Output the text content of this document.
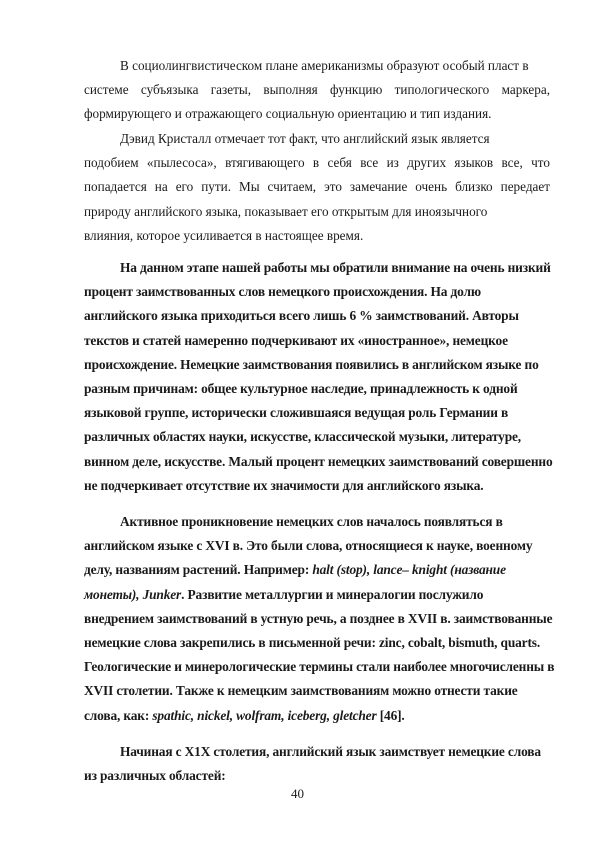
В социолингвистическом плане американизмы образуют особый пласт в
системе субъязыка газеты, выполняя функцию типологического маркера,
формирующего и отражающего социальную ориентацию и тип издания.
Дэвид Кристалл отмечает тот факт, что английский язык является
подобием «пылесоса», втягивающего в себя все из других языков все, что
попадается на его пути. Мы считаем, это замечание очень близко передает
природу английского языка, показывает его открытым для иноязычного
влияния, которое усиливается в настоящее время.
На данном этапе нашей работы мы обратили внимание на очень низкий
процент заимствованных слов немецкого происхождения. На долю
английского языка приходиться всего лишь 6 % заимствований. Авторы
текстов и статей намеренно подчеркивают их «иностранное», немецкое
происхождение. Немецкие заимствования появились в английском языке по
разным причинам: общее культурное наследие, принадлежность к одной
языковой группе, исторически сложившаяся ведущая роль Германии в
различных областях науки, искусстве, классической музыки, литературе,
винном деле, искусстве. Малый процент немецких заимствований совершенно
не подчеркивает отсутствие их значимости для английского языка.
Активное проникновение немецких слов началось появляться в
английском языке с XVI в. Это были слова, относящиеся к науке, военному
делу, названиям растений. Например: halt (stop), lance– knight (название
монеты), Junker. Развитие металлургии и минералогии послужило
внедрением заимствований в устную речь, а позднее в XVII в. заимствованные
немецкие слова закрепились в письменной речи: zinc, cobalt, bismuth, quarts.
Геологические и минерологические термины стали наиболее многочисленны в
XVII столетии. Также к немецким заимствованиям можно отнести такие
слова, как: spathic, nickel, wolfram, iceberg, gletcher [46].
Начиная с X1X столетия, английский язык заимствует немецкие слова
из различных областей:
40
